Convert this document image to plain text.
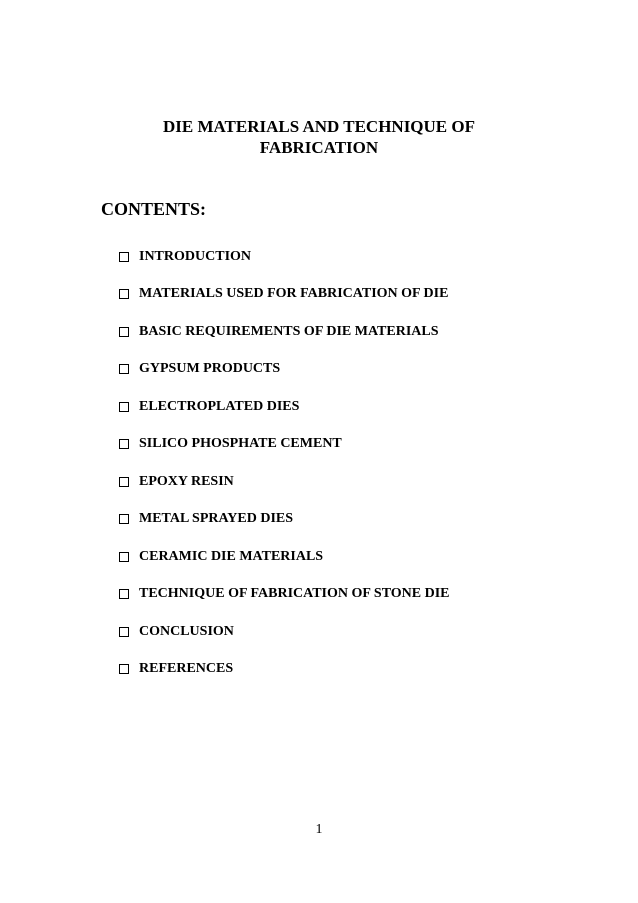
DIE MATERIALS AND TECHNIQUE OF
FABRICATION
CONTENTS:
INTRODUCTION
MATERIALS USED FOR FABRICATION OF DIE
BASIC REQUIREMENTS OF DIE MATERIALS
GYPSUM PRODUCTS
ELECTROPLATED DIES
SILICO PHOSPHATE CEMENT
EPOXY RESIN
METAL SPRAYED DIES
CERAMIC DIE MATERIALS
TECHNIQUE OF FABRICATION OF STONE DIE
CONCLUSION
REFERENCES
1
